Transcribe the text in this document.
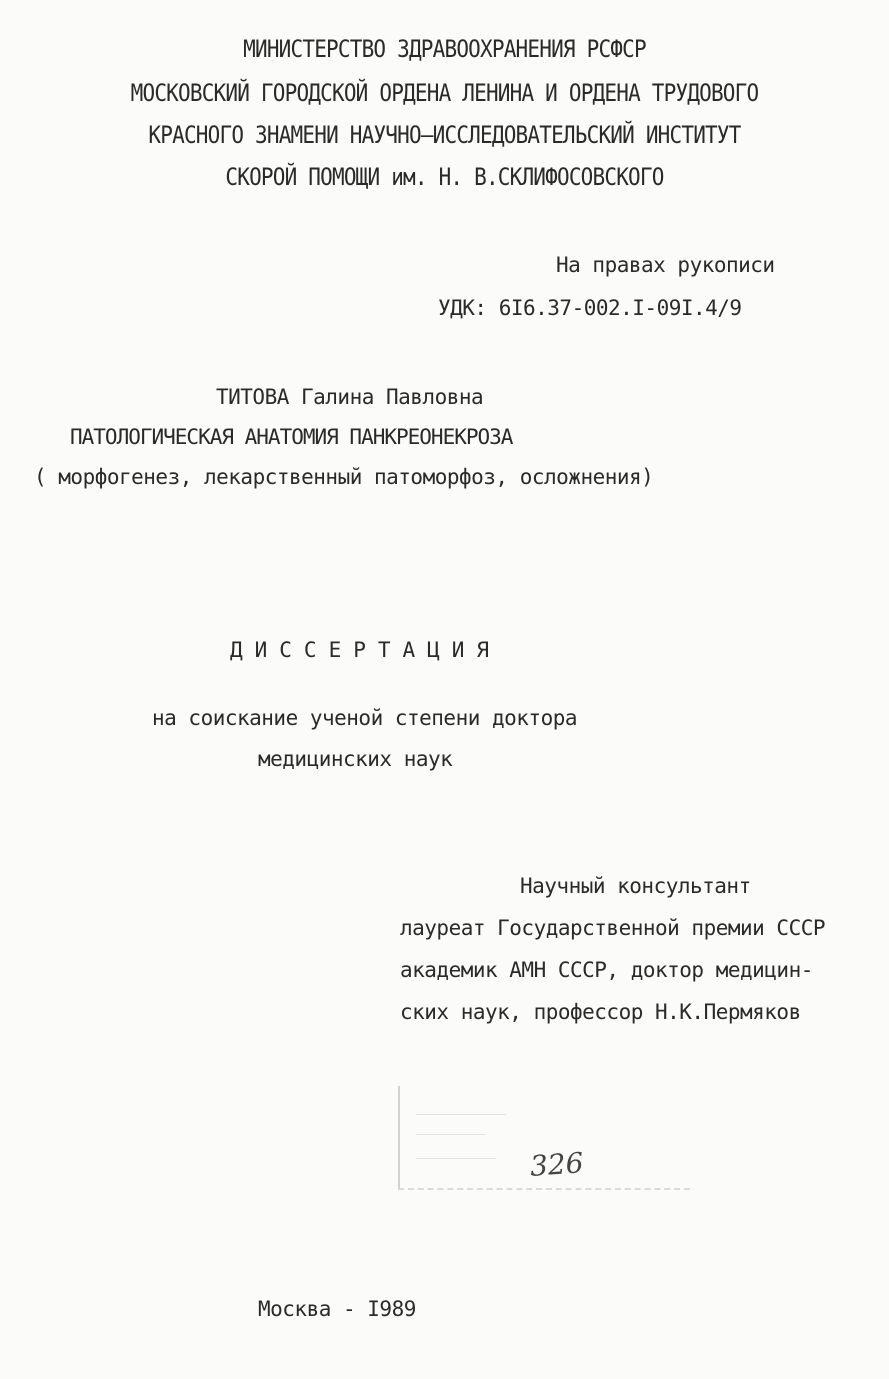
МИНИСТЕРСТВО ЗДРАВООХРАНЕНИЯ РСФСР
МОСКОВСКИЙ ГОРОДСКОЙ ОРДЕНА ЛЕНИНА И ОРДЕНА ТРУДОВОГО
КРАСНОГО ЗНАМЕНИ НАУЧНО–ИССЛЕДОВАТЕЛЬСКИЙ ИНСТИТУТ
СКОРОЙ ПОМОЩИ им. Н. В.СКЛИФОСОВСКОГО
На правах рукописи
УДК: 6I6.37-002.I-09I.4/9
ТИТОВА Галина Павловна
ПАТОЛОГИЧЕСКАЯ АНАТОМИЯ ПАНКРЕОНЕКРОЗА
( морфогенез, лекарственный патоморфоз, осложнения)
ДИССЕРТАЦИЯ
на соискание ученой степени доктора
медицинских наук
Научный консультант
лауреат Государственной премии СССР
академик АМН СССР, доктор медицин-
ских наук, профессор Н.К.Пермяков
326
Москва - I989
